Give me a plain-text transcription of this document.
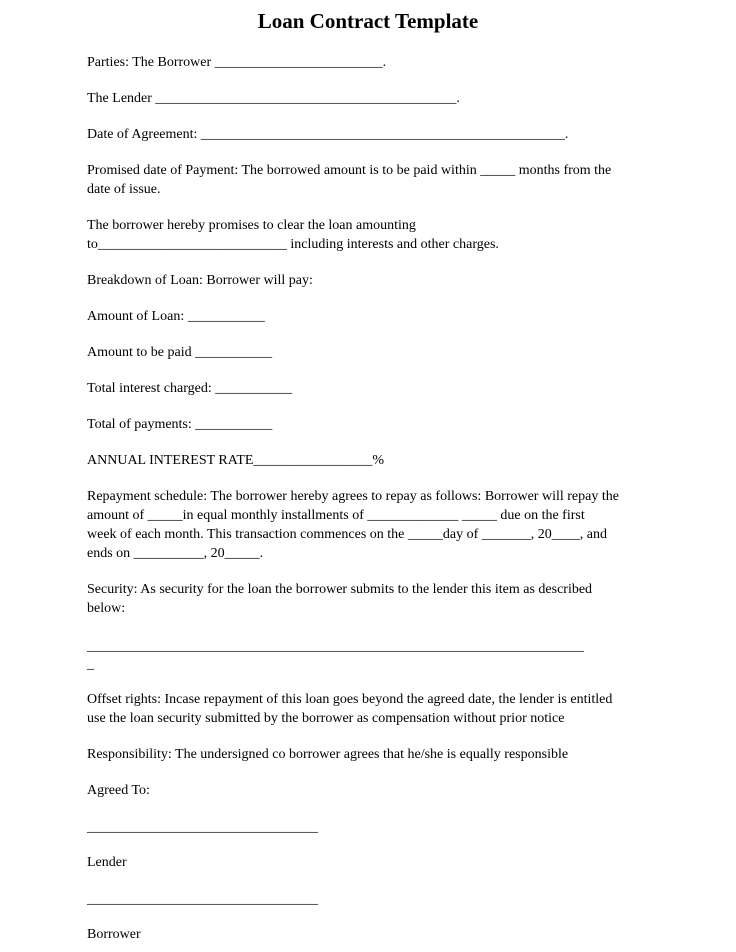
Loan Contract Template
Parties: The Borrower ________________________.
The Lender ___________________________________________.
Date of Agreement: ____________________________________________________.
Promised date of Payment: The borrowed amount is to be paid within _____ months from the
date of issue.
The borrower hereby promises to clear the loan amounting
to___________________________ including interests and other charges.
Breakdown of Loan: Borrower will pay:
Amount of Loan: ___________
Amount to be paid ___________
Total interest charged: ___________
Total of payments: ___________
ANNUAL INTEREST RATE_________________%
Repayment schedule: The borrower hereby agrees to repay as follows: Borrower will repay the
amount of _____in equal monthly installments of _____________ _____ due on the first
week of each month. This transaction commences on the _____day of _______, 20____, and
ends on __________, 20_____.
Security: As security for the loan the borrower submits to the lender this item as described
below:
_______________________________________________________________________
_
Offset rights: Incase repayment of this loan goes beyond the agreed date, the lender is entitled
use the loan security submitted by the borrower as compensation without prior notice
Responsibility: The undersigned co borrower agrees that he/she is equally responsible
Agreed To:
_________________________________
Lender
_________________________________
Borrower
